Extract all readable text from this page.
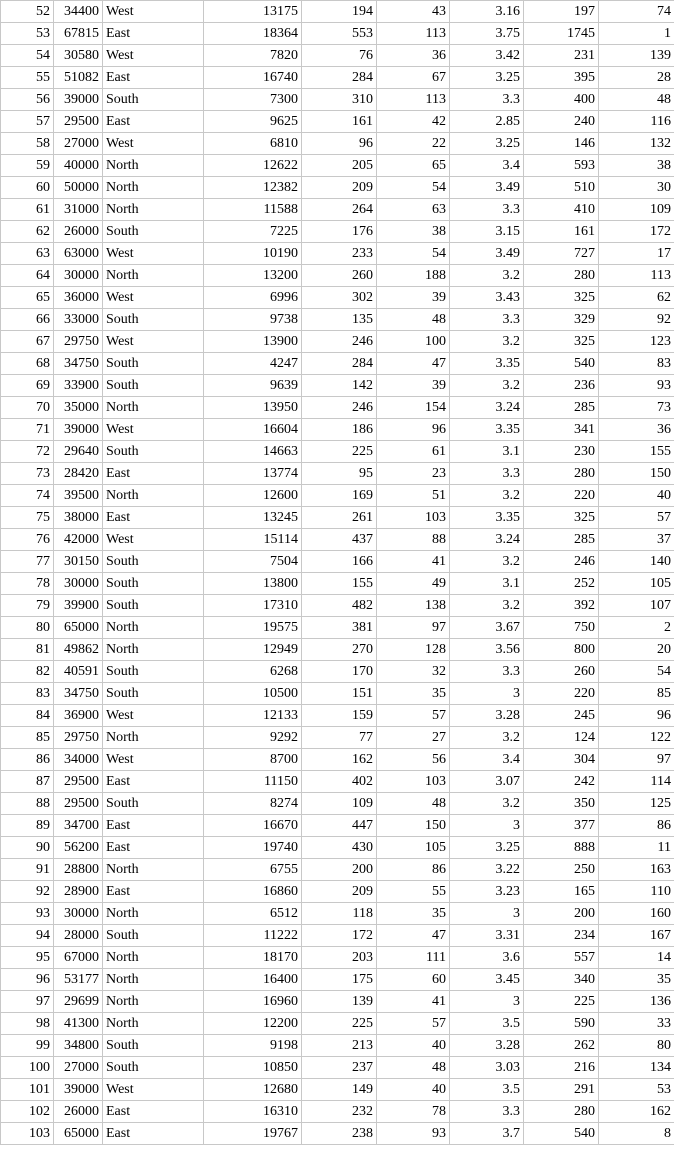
52	34400	West	13175	194	43	3.16	197	74
53	67815	East	18364	553	113	3.75	1745	1
54	30580	West	7820	76	36	3.42	231	139
55	51082	East	16740	284	67	3.25	395	28
56	39000	South	7300	310	113	3.3	400	48
57	29500	East	9625	161	42	2.85	240	116
58	27000	West	6810	96	22	3.25	146	132
59	40000	North	12622	205	65	3.4	593	38
60	50000	North	12382	209	54	3.49	510	30
61	31000	North	11588	264	63	3.3	410	109
62	26000	South	7225	176	38	3.15	161	172
63	63000	West	10190	233	54	3.49	727	17
64	30000	North	13200	260	188	3.2	280	113
65	36000	West	6996	302	39	3.43	325	62
66	33000	South	9738	135	48	3.3	329	92
67	29750	West	13900	246	100	3.2	325	123
68	34750	South	4247	284	47	3.35	540	83
69	33900	South	9639	142	39	3.2	236	93
70	35000	North	13950	246	154	3.24	285	73
71	39000	West	16604	186	96	3.35	341	36
72	29640	South	14663	225	61	3.1	230	155
73	28420	East	13774	95	23	3.3	280	150
74	39500	North	12600	169	51	3.2	220	40
75	38000	East	13245	261	103	3.35	325	57
76	42000	West	15114	437	88	3.24	285	37
77	30150	South	7504	166	41	3.2	246	140
78	30000	South	13800	155	49	3.1	252	105
79	39900	South	17310	482	138	3.2	392	107
80	65000	North	19575	381	97	3.67	750	2
81	49862	North	12949	270	128	3.56	800	20
82	40591	South	6268	170	32	3.3	260	54
83	34750	South	10500	151	35	3	220	85
84	36900	West	12133	159	57	3.28	245	96
85	29750	North	9292	77	27	3.2	124	122
86	34000	West	8700	162	56	3.4	304	97
87	29500	East	11150	402	103	3.07	242	114
88	29500	South	8274	109	48	3.2	350	125
89	34700	East	16670	447	150	3	377	86
90	56200	East	19740	430	105	3.25	888	11
91	28800	North	6755	200	86	3.22	250	163
92	28900	East	16860	209	55	3.23	165	110
93	30000	North	6512	118	35	3	200	160
94	28000	South	11222	172	47	3.31	234	167
95	67000	North	18170	203	111	3.6	557	14
96	53177	North	16400	175	60	3.45	340	35
97	29699	North	16960	139	41	3	225	136
98	41300	North	12200	225	57	3.5	590	33
99	34800	South	9198	213	40	3.28	262	80
100	27000	South	10850	237	48	3.03	216	134
101	39000	West	12680	149	40	3.5	291	53
102	26000	East	16310	232	78	3.3	280	162
103	65000	East	19767	238	93	3.7	540	8
